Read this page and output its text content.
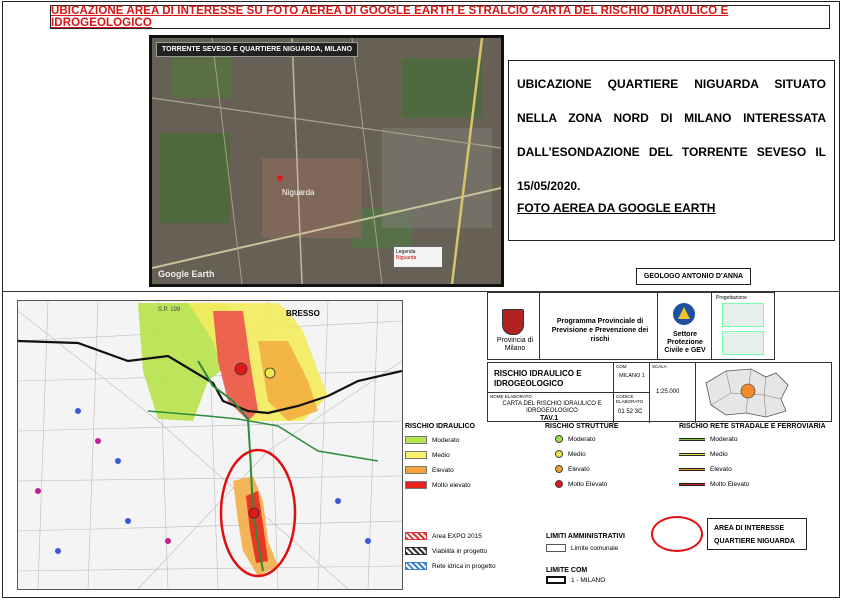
UBICAZIONE AREA DI INTERESSE SU FOTO AEREA DI GOOGLE EARTH E STRALCIO CARTA DEL RISCHIO IDRAULICO E IDROGEOLOGICO
TORRENTE SEVESO E QUARTIERE NIGUARDA, MILANO
Niguarda
Legenda
Niguarda
Google Earth
UBICAZIONE QUARTIERE NIGUARDA SITUATO NELLA ZONA NORD DI MILANO INTERESSATA DALL’ESONDAZIONE DEL TORRENTE SEVESO IL 15/05/2020.
FOTO AEREA DA GOOGLE EARTH
GEOLOGO ANTONIO D’ANNA
BRESSO
S.P. 199
Provincia di Milano
Programma Provinciale di Previsione e Prevenzione dei rischi
Settore Protezione Civile e GEV
Progettazione
RISCHIO IDRAULICO E IDROGEOLOGICO
NOME ELABORATO
CARTA DEL RISCHIO IDRAULICO E IDROGEOLOGICO
TAV.1
COM
MILANO 1
CODICE ELABORATO
01 52 3C
SCALA
1:25.000
RISCHIO IDRAULICO
Moderato
Medio
Elevato
Molto elevato
RISCHIO STRUTTURE
Moderato
Medio
Elevato
Molto Elevato
RISCHIO RETE STRADALE E FERROVIARIA
Moderato
Medio
Elevato
Molto Elevato
Area EXPO 2015
Viabilità in progetto
Rete idrica in progetto
LIMITI AMMINISTRATIVI
Limite comunale
LIMITE COM
1 - MILANO
AREA DI INTERESSE
QUARTIERE NIGUARDA
